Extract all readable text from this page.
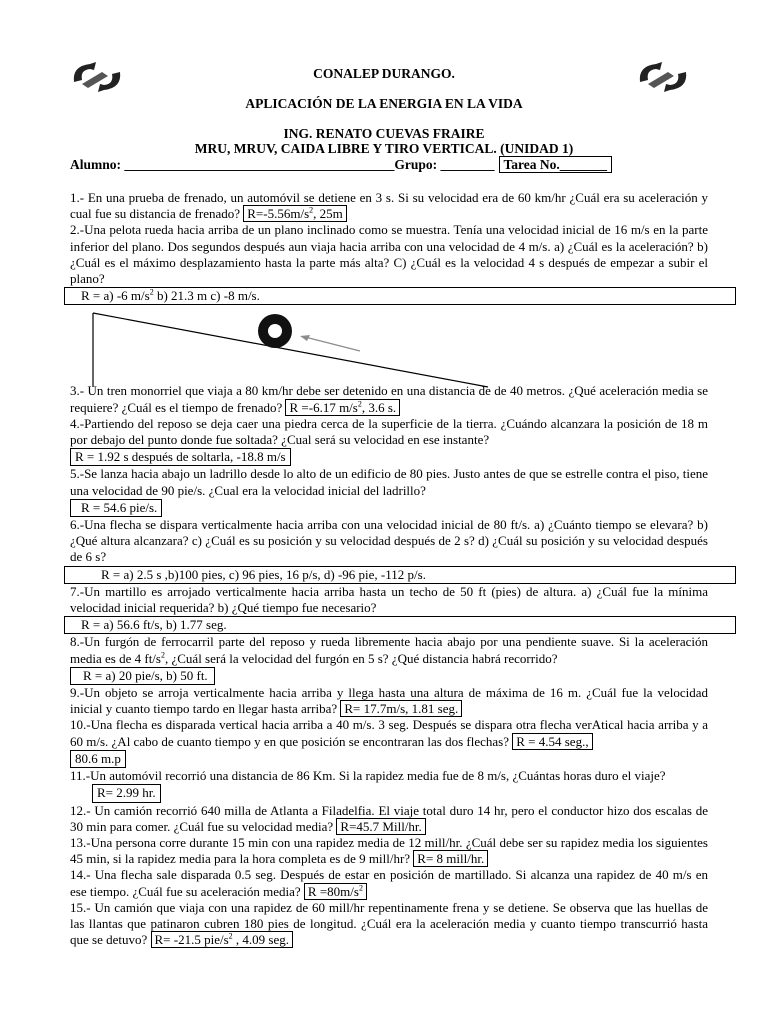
CONALEP DURANGO.
APLICACIÓN DE LA ENERGIA EN LA VIDA
ING. RENATO CUEVAS FRAIRE
MRU, MRUV, CAIDA LIBRE Y TIRO VERTICAL. (UNIDAD 1)
Alumno: ________________________________________Grupo: ________ Tarea No._______

1.- En una prueba de frenado, un automóvil se detiene en 3 s. Si su velocidad era de 60 km/hr ¿Cuál era su aceleración y cual fue su distancia de frenado? $R=-5.56m/s^2$, 25m

2.-Una pelota rueda hacia arriba de un plano inclinado como se muestra. Tenía una velocidad inicial de 16 m/s en la parte inferior del plano. Dos segundos después aun viaja hacia arriba con una velocidad de 4 m/s. a) ¿Cuál es la aceleración? b) ¿Cuál es el máximo desplazamiento hasta la parte más alta? C) ¿Cuál es la velocidad 4 s después de empezar a subir el plano?

R = a) -6 $m/s^2$ b) 21.3 m c) -8 m/s.

3.- Un tren monorriel que viaja a 80 km/hr debe ser detenido en una distancia de de 40 metros. ¿Qué aceleración media se requiere? ¿Cuál es el tiempo de frenado? R =-6.17 $m/s^2$, 3.6 s.

4.-Partiendo del reposo se deja caer una piedra cerca de la superficie de la tierra. ¿Cuándo alcanzara la posición de 18 m por debajo del punto donde fue soltada? ¿Cual será su velocidad en ese instante?

R = 1.92 s después de soltarla, -18.8 m/s

5.-Se lanza hacia abajo un ladrillo desde lo alto de un edificio de 80 pies. Justo antes de que se estrelle contra el piso, tiene una velocidad de 90 pie/s. ¿Cual era la velocidad inicial del ladrillo?

R = 54.6 pie/s.

6.-Una flecha se dispara verticalmente hacia arriba con una velocidad inicial de 80 ft/s. a) ¿Cuánto tiempo se elevara? b) ¿Qué altura alcanzara? c) ¿Cuál es su posición y su velocidad después de 2 s? d) ¿Cuál su posición y su velocidad después de 6 s?

R = a) 2.5 s ,b)100 pies, c) 96 pies, 16 p/s, d) -96 pie, -112 p/s.

7.-Un martillo es arrojado verticalmente hacia arriba hasta un techo de 50 ft (pies) de altura. a) ¿Cuál fue la mínima velocidad inicial requerida? b) ¿Qué tiempo fue necesario?

R = a) 56.6 ft/s, b) 1.77 seg.

8.-Un furgón de ferrocarril parte del reposo y rueda libremente hacia abajo por una pendiente suave. Si la aceleración media es de 4 $ft/s^2$, ¿Cuál será la velocidad del furgón en 5 s? ¿Qué distancia habrá recorrido?

R = a) 20 pie/s, b) 50 ft.

9.-Un objeto se arroja verticalmente hacia arriba y llega hasta una altura de máxima de 16 m. ¿Cuál fue la velocidad inicial y cuanto tiempo tardo en llegar hasta arriba? R= 17.7m/s, 1.81 seg.

10.-Una flecha es disparada vertical hacia arriba a 40 m/s. 3 seg. Después se dispara otra flecha verAtical hacia arriba y a 60 m/s. ¿Al cabo de cuanto tiempo y en que posición se encontraran las dos flechas? R = 4.54 seg.,

80.6 m.p

11.-Un automóvil recorrió una distancia de 86 Km. Si la rapidez media fue de 8 m/s, ¿Cuántas horas duro el viaje?

R= 2.99 hr.

12.- Un camión recorrió 640 milla de Atlanta a Filadelfia. El viaje total duro 14 hr, pero el conductor hizo dos escalas de 30 min para comer. ¿Cuál fue su velocidad media? R=45.7 Mill/hr.

13.-Una persona corre durante 15 min con una rapidez media de 12 mill/hr. ¿Cuál debe ser su rapidez media los siguientes 45 min, si la rapidez media para la hora completa es de 9 mill/hr? R= 8 mill/hr.

14.- Una flecha sale disparada 0.5 seg. Después de estar en posición de martillado. Si alcanza una rapidez de 40 m/s en ese tiempo. ¿Cuál fue su aceleración media? $R =80m/s^2$

15.- Un camión que viaja con una rapidez de 60 mill/hr repentinamente frena y se detiene. Se observa que las huellas de las llantas que patinaron cubren 180 pies de longitud. ¿Cuál era la aceleración media y cuanto tiempo transcurrió hasta que se detuvo? R= -21.5 pie/$s^2$ , 4.09 seg.
